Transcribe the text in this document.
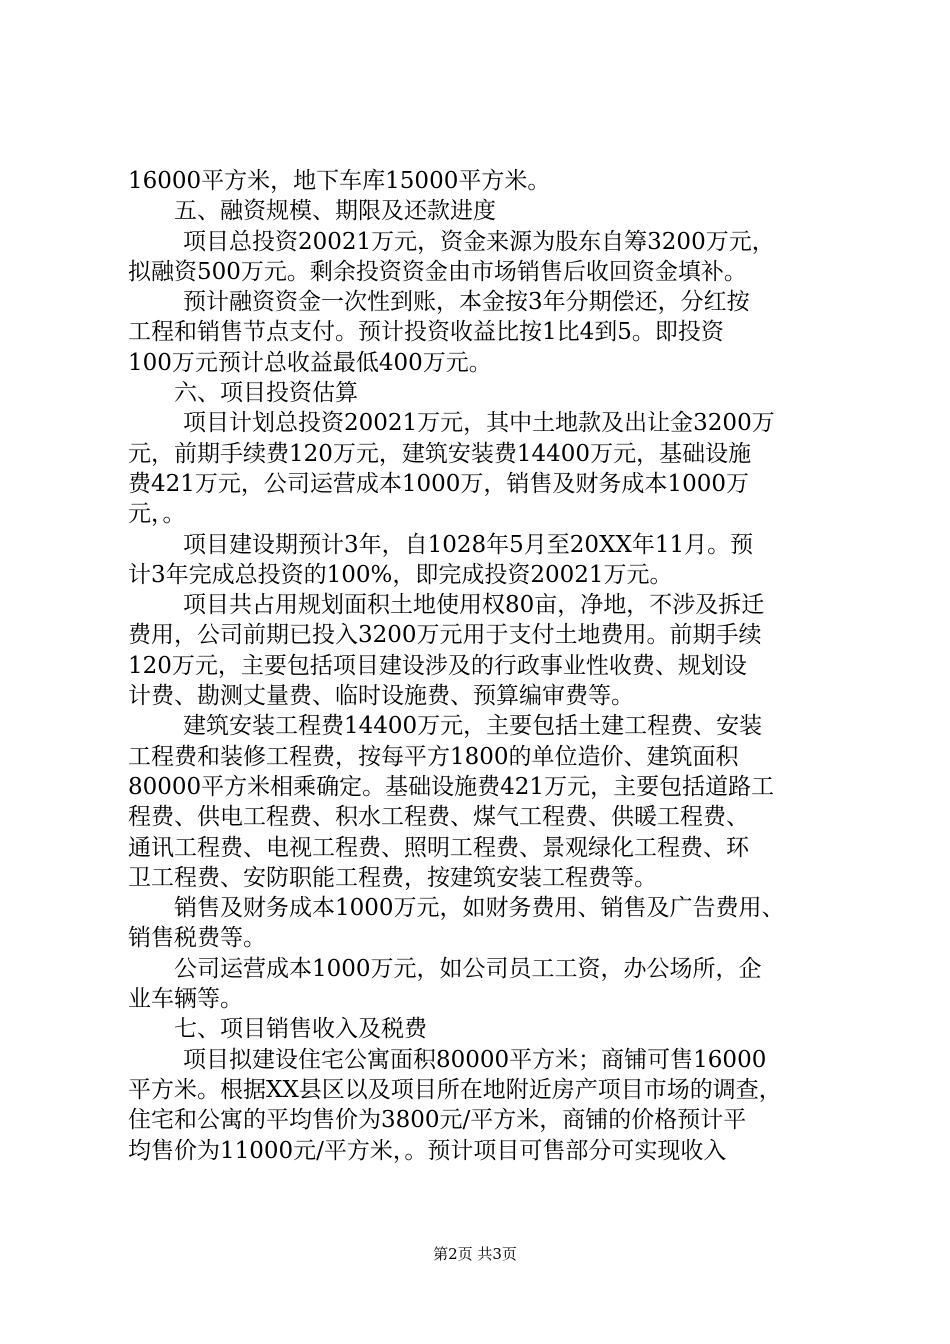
16000平方米，地下车库15000平方米。
五、融资规模、期限及还款进度
项目总投资20021万元，资金来源为股东自筹3200万元，
拟融资500万元。剩余投资资金由市场销售后收回资金填补。
预计融资资金一次性到账，本金按3年分期偿还，分红按
工程和销售节点支付。预计投资收益比按1比4到5。即投资
100万元预计总收益最低400万元。
六、项目投资估算
项目计划总投资20021万元，其中土地款及出让金3200万
元，前期手续费120万元，建筑安装费14400万元，基础设施
费421万元，公司运营成本1000万，销售及财务成本1000万
元，。
项目建设期预计3年，自1028年5月至20XX年11月。预
计3年完成总投资的100%，即完成投资20021万元。
项目共占用规划面积土地使用权80亩，净地，不涉及拆迁
费用，公司前期已投入3200万元用于支付土地费用。前期手续
120万元，主要包括项目建设涉及的行政事业性收费、规划设
计费、勘测丈量费、临时设施费、预算编审费等。
建筑安装工程费14400万元，主要包括土建工程费、安装
工程费和装修工程费，按每平方1800的单位造价、建筑面积
80000平方米相乘确定。基础设施费421万元，主要包括道路工
程费、供电工程费、积水工程费、煤气工程费、供暖工程费、
通讯工程费、电视工程费、照明工程费、景观绿化工程费、环
卫工程费、安防职能工程费，按建筑安装工程费等。
销售及财务成本1000万元，如财务费用、销售及广告费用、
销售税费等。
公司运营成本1000万元，如公司员工工资，办公场所，企
业车辆等。
七、项目销售收入及税费
项目拟建设住宅公寓面积80000平方米；商铺可售16000
平方米。根据XX县区以及项目所在地附近房产项目市场的调查，
住宅和公寓的平均售价为3800元/平方米，商铺的价格预计平
均售价为11000元/平方米，。预计项目可售部分可实现收入
第2页 共3页
